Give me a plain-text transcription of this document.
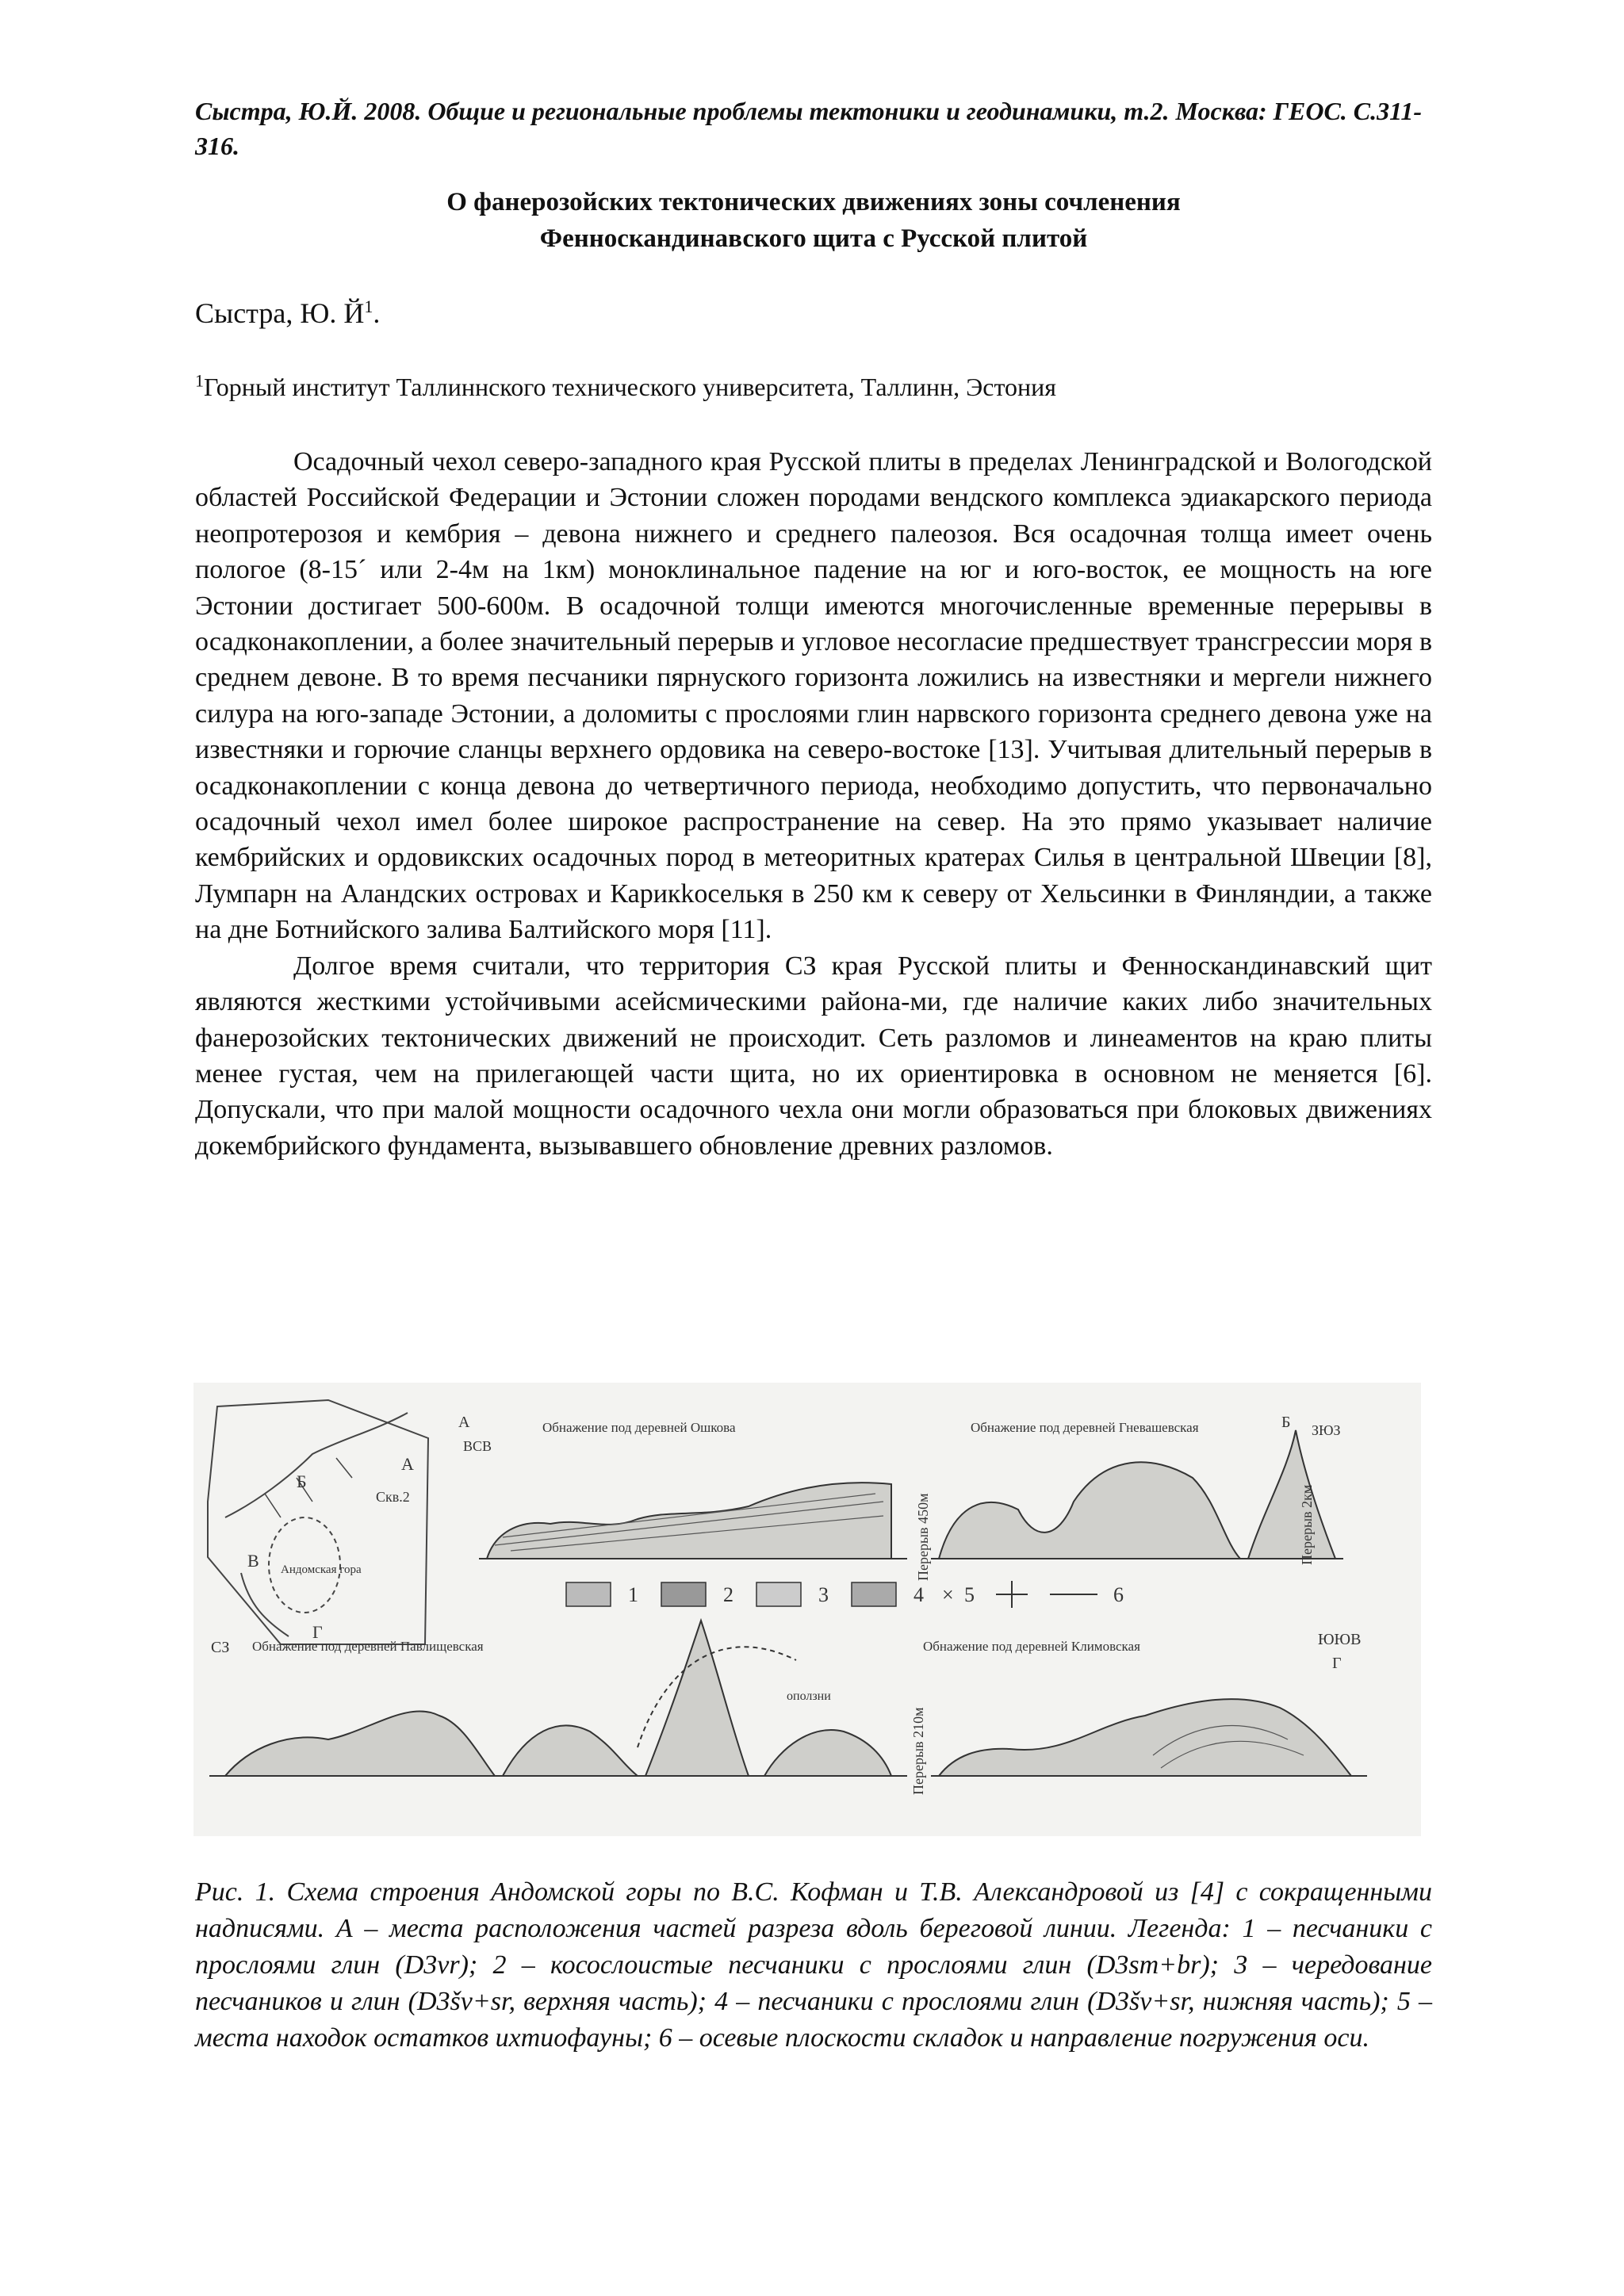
Сыстра, Ю.Й. 2008. Общие и региональные проблемы тектоники и геодинамики, т.2. Москва: ГЕОС. С.311-316.
О фанерозойских тектонических движениях зоны сочленения
Фенноскандинавского щита с Русской плитой
Сыстра, Ю. $Й^1$.
$^1$Горный институт Таллиннского технического университета, Таллинн, Эстония

Осадочный чехол северо-западного края Русской плиты в пределах Ленинградской и Вологодской областей Российской Федерации и Эстонии сложен породами вендского комплекса эдиакарского периода неопротерозоя и кембрия – девона нижнего и среднего палеозоя. Вся осадочная толща имеет очень пологое (8-15´ или 2-4м на 1км) моноклинальное падение на юг и юго-восток, ее мощность на юге Эстонии достигает 500-600м. В осадочной толщи имеются многочисленные временные перерывы в осадконакоплении, а более значительный перерыв и угловое несогласие предшествует трансгрессии моря в среднем девоне. В то время песчаники пярнуского горизонта ложились на известняки и мергели нижнего силура на юго-западе Эстонии, а доломиты с прослоями глин нарвского горизонта среднего девона уже на известняки и горючие сланцы верхнего ордовика на северо-востоке [13]. Учитывая длительный перерыв в осадконакоплении с конца девона до четвертичного периода, необходимо допустить, что первоначально осадочный чехол имел более широкое распространение на север. На это прямо указывает наличие кембрийских и ордовикских осадочных пород в метеоритных кратерах Силья в центральной Швеции [8], Лумпарн на Аландских островах и Карикkoселькя в 250 км к северу от Хельсинки в Финляндии, а также на дне Ботнийского залива Балтийского моря [11].

Долгое время считали, что территория СЗ края Русской плиты и Фенноскандинавский щит являются жесткими устойчивыми асейсмическими района-ми, где наличие каких либо значительных фанерозойских тектонических движений не происходит. Сеть разломов и линеаментов на краю плиты менее густая, чем на прилегающей части щита, но их ориентировка в основном не меняется [6]. Допускали, что при малой мощности осадочного чехла они могли образоваться при блоковых движениях докембрийского фундамента, вызывавшего обновление древних разломов.

Б
А
В
Г
Скв.2
Андомская гора
А
ВСВ
Обнажение под деревней Ошкова	Обнажение под деревней Гневашевская	Б ЗЮЗ
Перерыв 450м	Перерыв 2км
1	2	3	4 × 5	6
СЗ Обнажение под деревней Павлищевская	Обнажение под деревней Климовская	ЮЮВ
Г
оползни
Перерыв 210м
Рис. 1. Схема строения Андомской горы по В.С. Кофман и Т.В. Александровой из [4] с сокращенными надписями. А – места расположения частей разреза вдоль береговой линии. Легенда: 1 – песчаники с прослоями глин (D3vr); 2 – косослоистые песчаники с прослоями глин (D3sm+br); 3 – чередование песчаников и глин (D3šv+sr, верхняя часть); 4 – песчаники с прослоями глин (D3šv+sr, нижняя часть); 5 – места находок остатков ихтиофауны; 6 – осевые плоскости складок и направление погружения оси.
